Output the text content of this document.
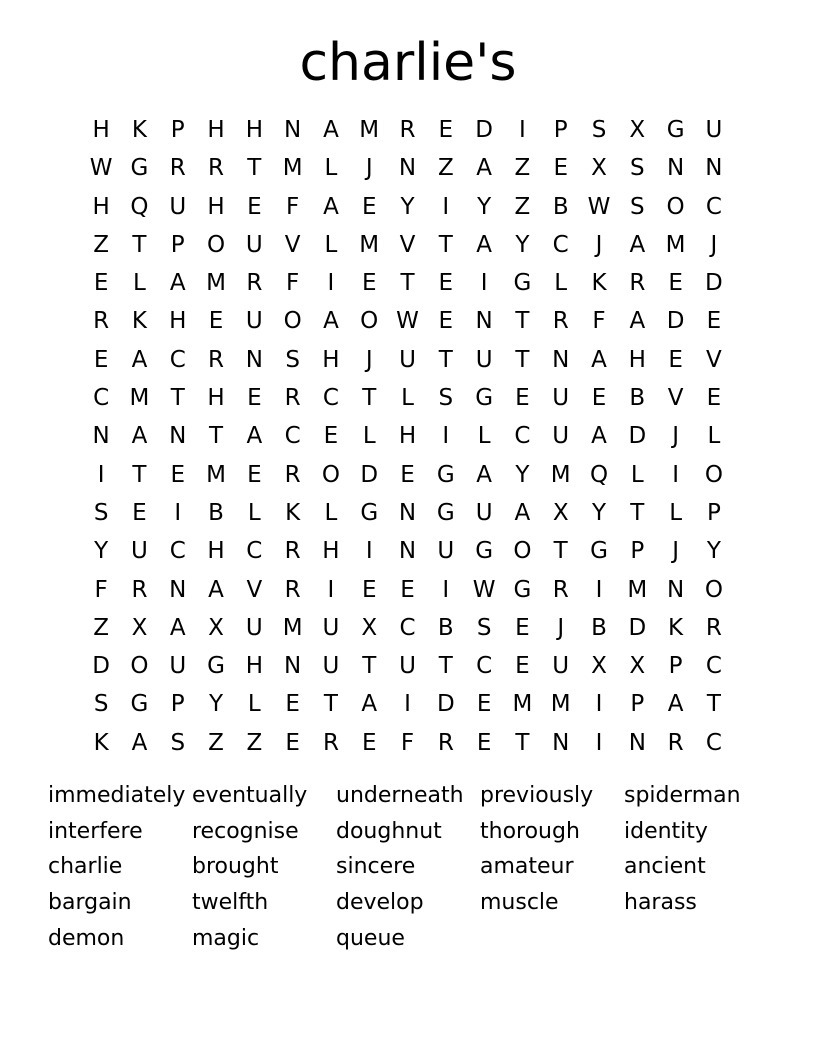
charlie's
H K	P H H N A M R	E D	I	P	S	X G U
W G R R	T M L	J	N Z A Z	E	X	S N N
H Q U H E	F	A	E	Y	I	Y	Z B W S O C
Z	T	P O U V	L M V	T	A	Y	C	J	A M	J
E	L	A M R	F	I	E	T	E	I	G L	K R	E D
R K H E U O A O W E N T	R	F	A D E
E	A C R N S H	J	U T U T N A H E	V
C M T H E	R C	T	L	S G E U E	B V	E
N A N T	A C	E	L	H	I	L	C U A D	J	L
I	T	E M E	R O D E G A	Y M Q L	I	O
S	E	I	B	L	K	L G N G U A X	Y	T	L	P
Y U C H C R H	I	N U G O T G P	J	Y
F	R N A V R	I	E	E	I	W G R	I	M N O
Z X A X U M U X C B	S	E	J	B D K R
D O U G H N U T U T	C	E U X X	P	C
S G P	Y	L	E	T	A	I	D E M M	I	P	A	T
K A	S	Z Z	E	R	E	F	R	E	T N	I	N R C
immediately eventually	underneath previously	spiderman
interfere	recognise	doughnut	thorough	identity
charlie	brought	sincere	amateur	ancient
bargain	twelfth	develop	muscle	harass
demon	magic	queue
